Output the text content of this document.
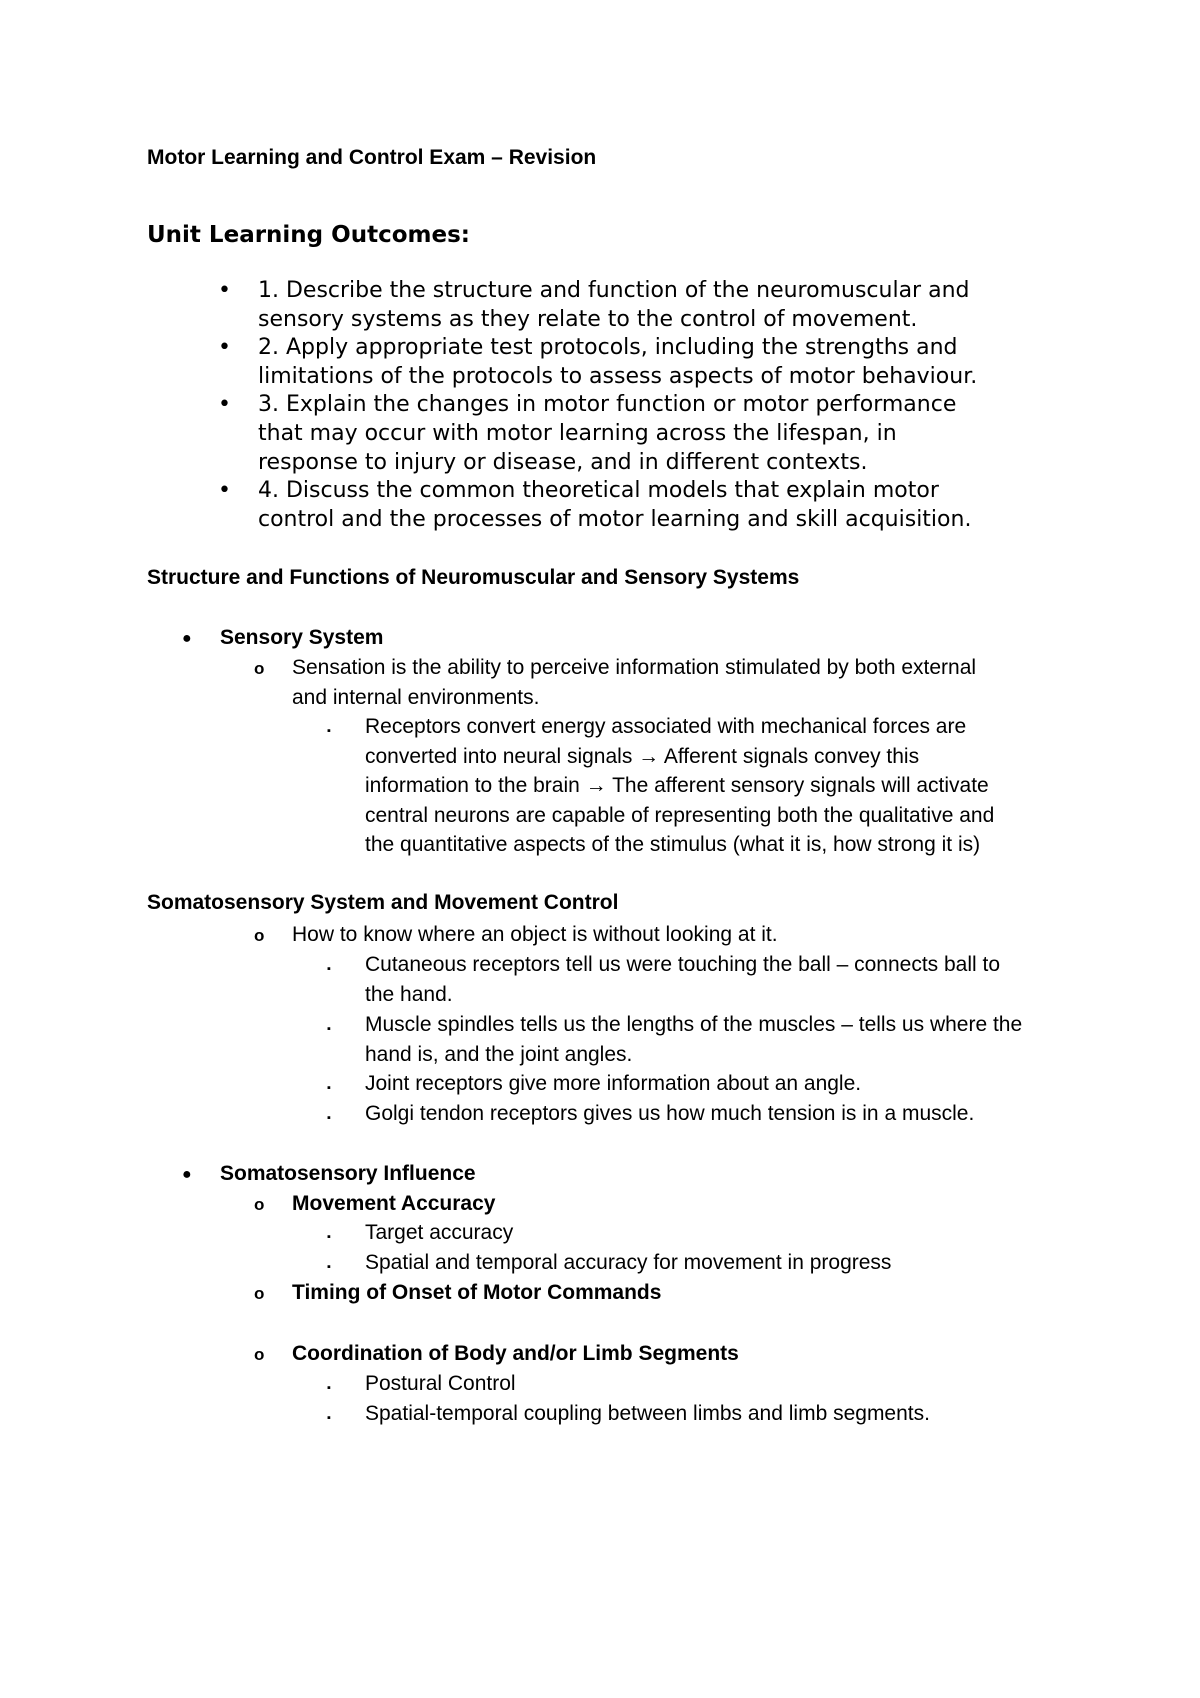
Motor Learning and Control Exam – Revision
Unit Learning Outcomes:
• 1. Describe the structure and function of the neuromuscular and
sensory systems as they relate to the control of movement.
• 2. Apply appropriate test protocols, including the strengths and
limitations of the protocols to assess aspects of motor behaviour.
• 3. Explain the changes in motor function or motor performance
that may occur with motor learning across the lifespan, in
response to injury or disease, and in different contexts.
• 4. Discuss the common theoretical models that explain motor
control and the processes of motor learning and skill acquisition.
Structure and Functions of Neuromuscular and Sensory Systems
● Sensory System
o Sensation is the ability to perceive information stimulated by both external
and internal environments.
▪ Receptors convert energy associated with mechanical forces are
converted into neural signals → Afferent signals convey this
information to the brain → The afferent sensory signals will activate
central neurons are capable of representing both the qualitative and
the quantitative aspects of the stimulus (what it is, how strong it is)
Somatosensory System and Movement Control
o How to know where an object is without looking at it.
▪ Cutaneous receptors tell us were touching the ball – connects ball to
the hand.
▪ Muscle spindles tells us the lengths of the muscles – tells us where the
hand is, and the joint angles.
▪ Joint receptors give more information about an angle.
▪ Golgi tendon receptors gives us how much tension is in a muscle.
● Somatosensory Influence
o Movement Accuracy
▪ Target accuracy
▪ Spatial and temporal accuracy for movement in progress
o Timing of Onset of Motor Commands
o Coordination of Body and/or Limb Segments
▪ Postural Control
▪ Spatial-temporal coupling between limbs and limb segments.
